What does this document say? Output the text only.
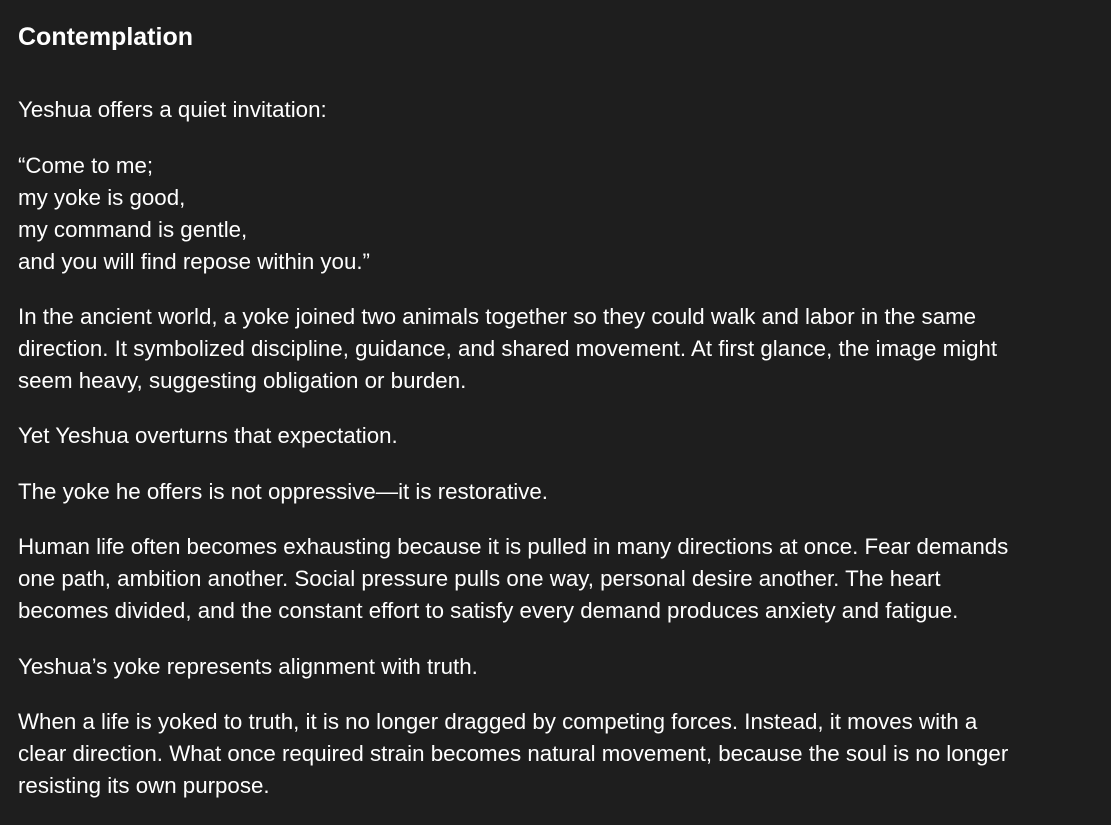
Contemplation

Yeshua offers a quiet invitation:

“Come to me;
my yoke is good,
my command is gentle,
and you will find repose within you.”

In the ancient world, a yoke joined two animals together so they could walk and labor in the same
direction. It symbolized discipline, guidance, and shared movement. At first glance, the image might
seem heavy, suggesting obligation or burden.

Yet Yeshua overturns that expectation.

The yoke he offers is not oppressive—it is restorative.

Human life often becomes exhausting because it is pulled in many directions at once. Fear demands
one path, ambition another. Social pressure pulls one way, personal desire another. The heart
becomes divided, and the constant effort to satisfy every demand produces anxiety and fatigue.

Yeshua’s yoke represents alignment with truth.

When a life is yoked to truth, it is no longer dragged by competing forces. Instead, it moves with a
clear direction. What once required strain becomes natural movement, because the soul is no longer
resisting its own purpose.
